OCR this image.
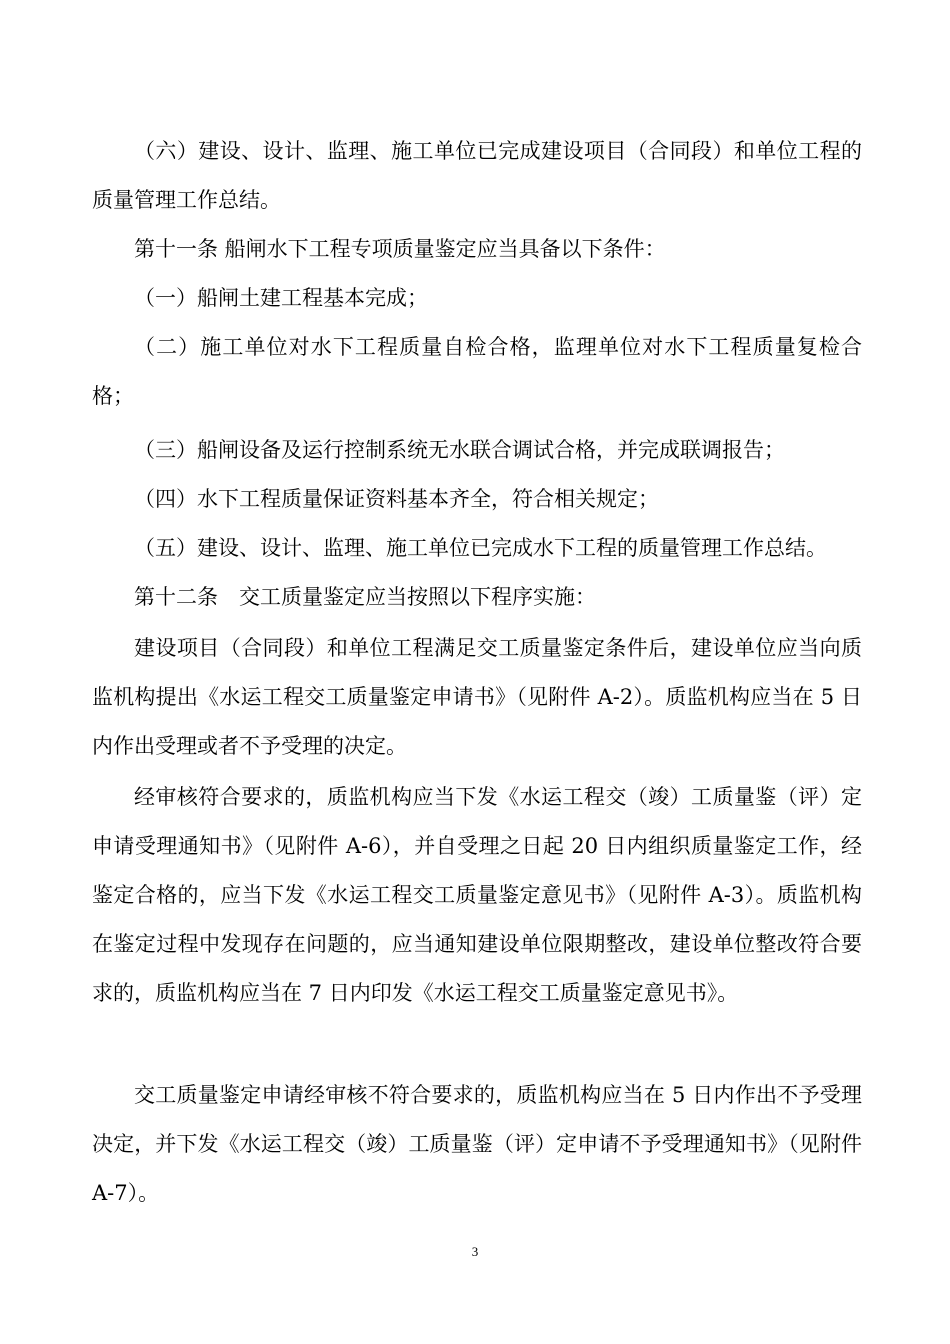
（六）建设、设计、监理、施工单位已完成建设项目（合同段）和单位工程的质量管理工作总结。

第十一条 船闸水下工程专项质量鉴定应当具备以下条件：

（一）船闸土建工程基本完成；

（二）施工单位对水下工程质量自检合格，监理单位对水下工程质量复检合格；

（三）船闸设备及运行控制系统无水联合调试合格，并完成联调报告；

（四）水下工程质量保证资料基本齐全，符合相关规定；

（五）建设、设计、监理、施工单位已完成水下工程的质量管理工作总结。

第十二条　交工质量鉴定应当按照以下程序实施：

建设项目（合同段）和单位工程满足交工质量鉴定条件后，建设单位应当向质监机构提出《水运工程交工质量鉴定申请书》（见附件 A-2）。质监机构应当在 5 日内作出受理或者不予受理的决定。

经审核符合要求的，质监机构应当下发《水运工程交（竣）工质量鉴（评）定申请受理通知书》（见附件 A-6），并自受理之日起 20 日内组织质量鉴定工作，经鉴定合格的，应当下发《水运工程交工质量鉴定意见书》（见附件 A-3）。质监机构在鉴定过程中发现存在问题的，应当通知建设单位限期整改，建设单位整改符合要求的，质监机构应当在 7 日内印发《水运工程交工质量鉴定意见书》。

交工质量鉴定申请经审核不符合要求的，质监机构应当在 5 日内作出不予受理决定，并下发《水运工程交（竣）工质量鉴（评）定申请不予受理通知书》（见附件 A-7）。

3
